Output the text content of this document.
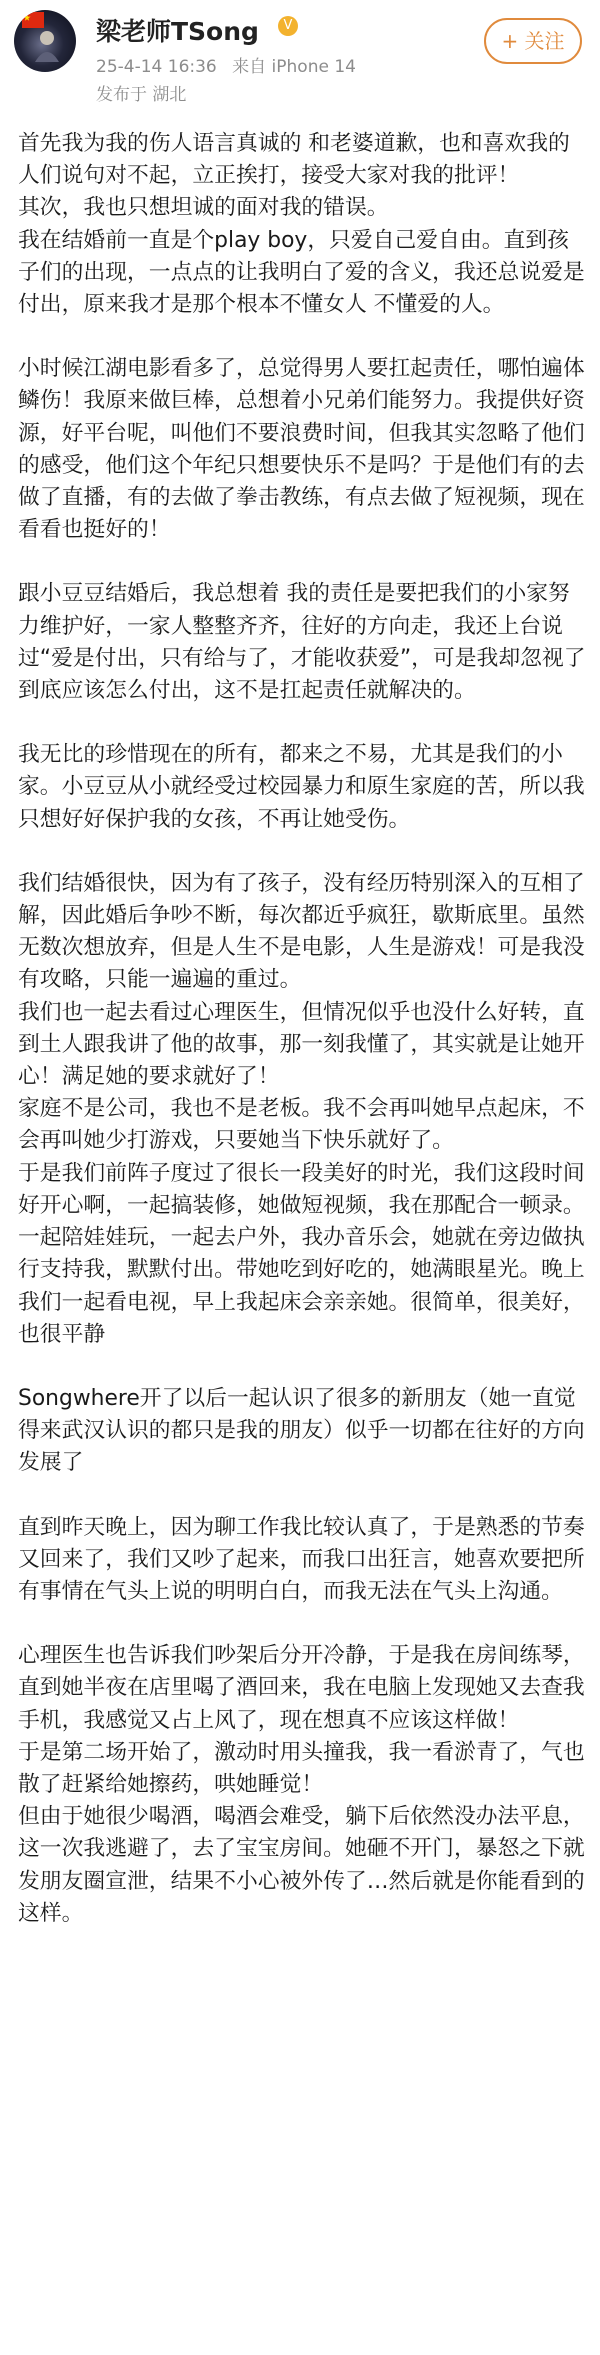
梁老师TSong	V
25-4-14 16:36 来自 iPhone 14
发布于 湖北
+ 关注

首先我为我的伤人语言真诚的 和老婆道歉，也和喜欢我的人们说句对不起，立正挨打，接受大家对我的批评！

其次，我也只想坦诚的面对我的错误。

我在结婚前一直是个play boy，只爱自己爱自由。直到孩子们的出现，一点点的让我明白了爱的含义，我还总说爱是付出，原来我才是那个根本不懂女人 不懂爱的人。

小时候江湖电影看多了，总觉得男人要扛起责任，哪怕遍体鳞伤！我原来做巨棒，总想着小兄弟们能努力。我提供好资源，好平台呢，叫他们不要浪费时间，但我其实忽略了他们的感受，他们这个年纪只想要快乐不是吗？于是他们有的去做了直播，有的去做了拳击教练，有点去做了短视频，现在看看也挺好的！

跟小豆豆结婚后，我总想着 我的责任是要把我们的小家努力维护好，一家人整整齐齐，往好的方向走，我还上台说过“爱是付出，只有给与了，才能收获爱”，可是我却忽视了到底应该怎么付出，这不是扛起责任就解决的。

我无比的珍惜现在的所有，都来之不易，尤其是我们的小家。小豆豆从小就经受过校园暴力和原生家庭的苦，所以我只想好好保护我的女孩，不再让她受伤。

我们结婚很快，因为有了孩子，没有经历特别深入的互相了解，因此婚后争吵不断，每次都近乎疯狂，歇斯底里。虽然无数次想放弃，但是人生不是电影，人生是游戏！可是我没有攻略，只能一遍遍的重过。

我们也一起去看过心理医生，但情况似乎也没什么好转，直到土人跟我讲了他的故事，那一刻我懂了，其实就是让她开心！满足她的要求就好了！

家庭不是公司，我也不是老板。我不会再叫她早点起床，不会再叫她少打游戏，只要她当下快乐就好了。

于是我们前阵子度过了很长一段美好的时光，我们这段时间好开心啊，一起搞装修，她做短视频，我在那配合一顿录。一起陪娃娃玩，一起去户外，我办音乐会，她就在旁边做执行支持我，默默付出。带她吃到好吃的，她满眼星光。晚上我们一起看电视，早上我起床会亲亲她。很简单，很美好，也很平静

Songwhere开了以后一起认识了很多的新朋友（她一直觉得来武汉认识的都只是我的朋友）似乎一切都在往好的方向发展了

直到昨天晚上，因为聊工作我比较认真了，于是熟悉的节奏又回来了，我们又吵了起来，而我口出狂言，她喜欢要把所有事情在气头上说的明明白白，而我无法在气头上沟通。

心理医生也告诉我们吵架后分开冷静，于是我在房间练琴，直到她半夜在店里喝了酒回来，我在电脑上发现她又去查我手机，我感觉又占上风了，现在想真不应该这样做！

于是第二场开始了，激动时用头撞我，我一看淤青了，气也散了赶紧给她擦药，哄她睡觉！

但由于她很少喝酒，喝酒会难受，躺下后依然没办法平息，这一次我逃避了，去了宝宝房间。她砸不开门，暴怒之下就发朋友圈宣泄，结果不小心被外传了…然后就是你能看到的这样。
